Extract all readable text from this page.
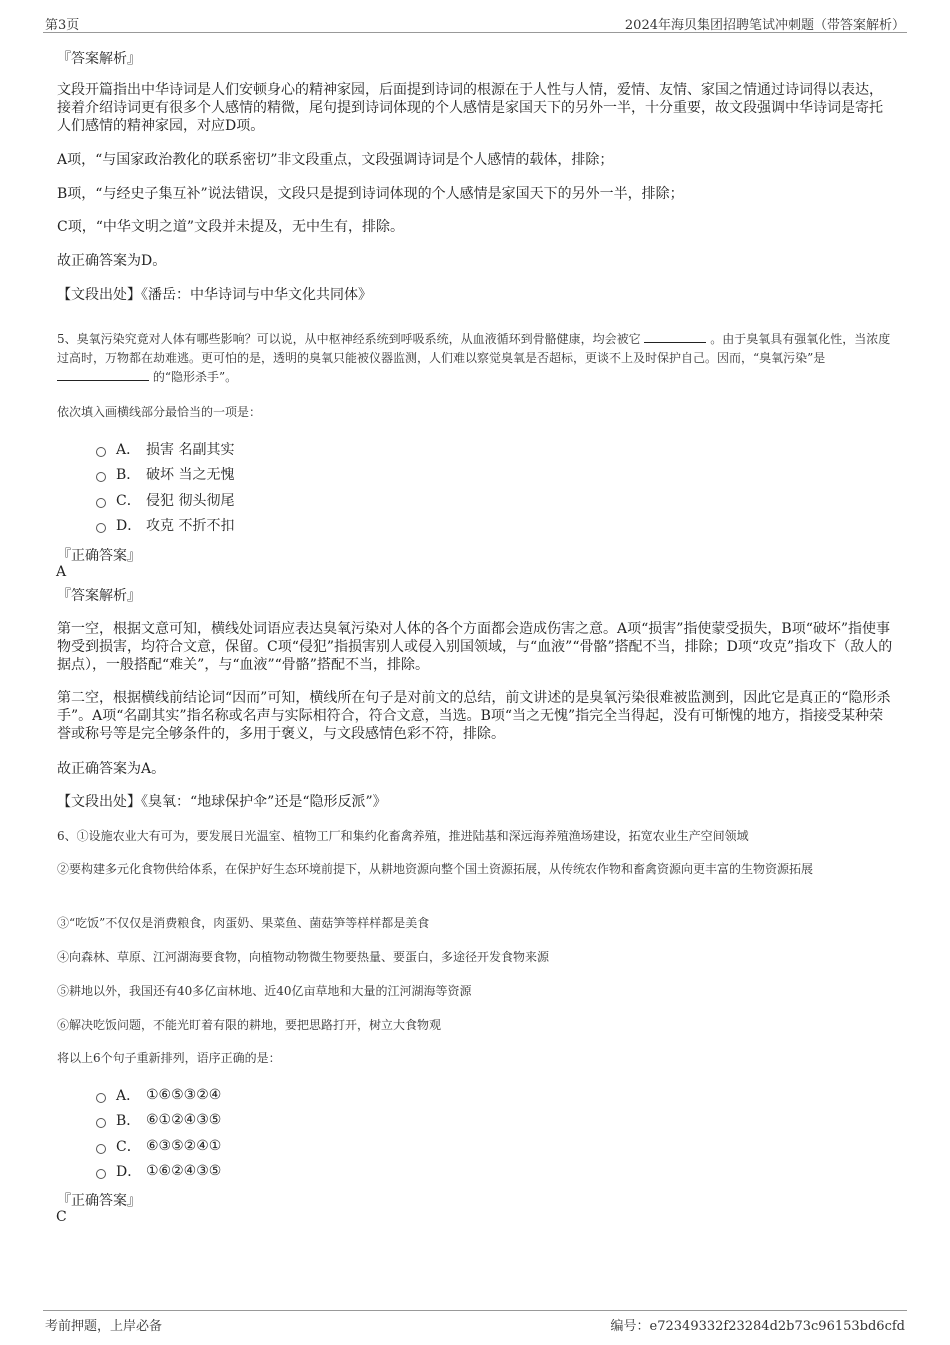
第3页	2024年海贝集团招聘笔试冲刺题（带答案解析）
『答案解析』
文段开篇指出中华诗词是人们安顿身心的精神家园，后面提到诗词的根源在于人性与人情，爱情、友情、家国之情通过诗词得以表达，接着介绍诗词更有很多个人感情的精微，尾句提到诗词体现的个人感情是家国天下的另外一半，十分重要，故文段强调中华诗词是寄托人们感情的精神家园，对应D项。
A项，“与国家政治教化的联系密切”非文段重点，文段强调诗词是个人感情的载体，排除；
B项，“与经史子集互补”说法错误，文段只是提到诗词体现的个人感情是家国天下的另外一半，排除；
C项，“中华文明之道”文段并未提及，无中生有，排除。
故正确答案为D。
【文段出处】《潘岳：中华诗词与中华文化共同体》
5、臭氧污染究竟对人体有哪些影响？可以说，从中枢神经系统到呼吸系统，从血液循环到骨骼健康，均会被它	。由于臭氧具有强氧化性，当浓度过高时，万物都在劫难逃。更可怕的是，透明的臭氧只能被仪器监测，人们难以察觉臭氧是否超标，更谈不上及时保护自己。因而，“臭氧污染”是  的“隐形杀手”。
依次填入画横线部分最恰当的一项是：
A． 损害 名副其实
B． 破坏 当之无愧
C． 侵犯 彻头彻尾
D． 攻克 不折不扣
『正确答案』
A
『答案解析』
第一空，根据文意可知，横线处词语应表达臭氧污染对人体的各个方面都会造成伤害之意。A项“损害”指使蒙受损失，B项“破坏”指使事物受到损害，均符合文意，保留。C项“侵犯”指损害别人或侵入别国领域，与“血液”“骨骼”搭配不当，排除；D项“攻克”指攻下（敌人的据点），一般搭配“难关”，与“血液”“骨骼”搭配不当，排除。
第二空，根据横线前结论词“因而”可知，横线所在句子是对前文的总结，前文讲述的是臭氧污染很难被监测到，因此它是真正的“隐形杀手”。A项“名副其实”指名称或名声与实际相符合，符合文意，当选。B项“当之无愧”指完全当得起，没有可惭愧的地方，指接受某种荣誉或称号等是完全够条件的，多用于褒义，与文段感情色彩不符，排除。
故正确答案为A。
【文段出处】《臭氧：“地球保护伞”还是“隐形反派”》
6、①设施农业大有可为，要发展日光温室、植物工厂和集约化畜禽养殖，推进陆基和深远海养殖渔场建设，拓宽农业生产空间领域
②要构建多元化食物供给体系，在保护好生态环境前提下，从耕地资源向整个国土资源拓展，从传统农作物和畜禽资源向更丰富的生物资源拓展
③“吃饭”不仅仅是消费粮食，肉蛋奶、果菜鱼、菌菇笋等样样都是美食
④向森林、草原、江河湖海要食物，向植物动物微生物要热量、要蛋白，多途径开发食物来源
⑤耕地以外，我国还有40多亿亩林地、近40亿亩草地和大量的江河湖海等资源
⑥解决吃饭问题，不能光盯着有限的耕地，要把思路打开，树立大食物观
将以上6个句子重新排列，语序正确的是：
A． ①⑥⑤③②④
B． ⑥①②④③⑤
C． ⑥③⑤②④①
D． ①⑥②④③⑤
『正确答案』
C
考前押题，上岸必备	编号：e72349332f23284d2b73c96153bd6cfd
